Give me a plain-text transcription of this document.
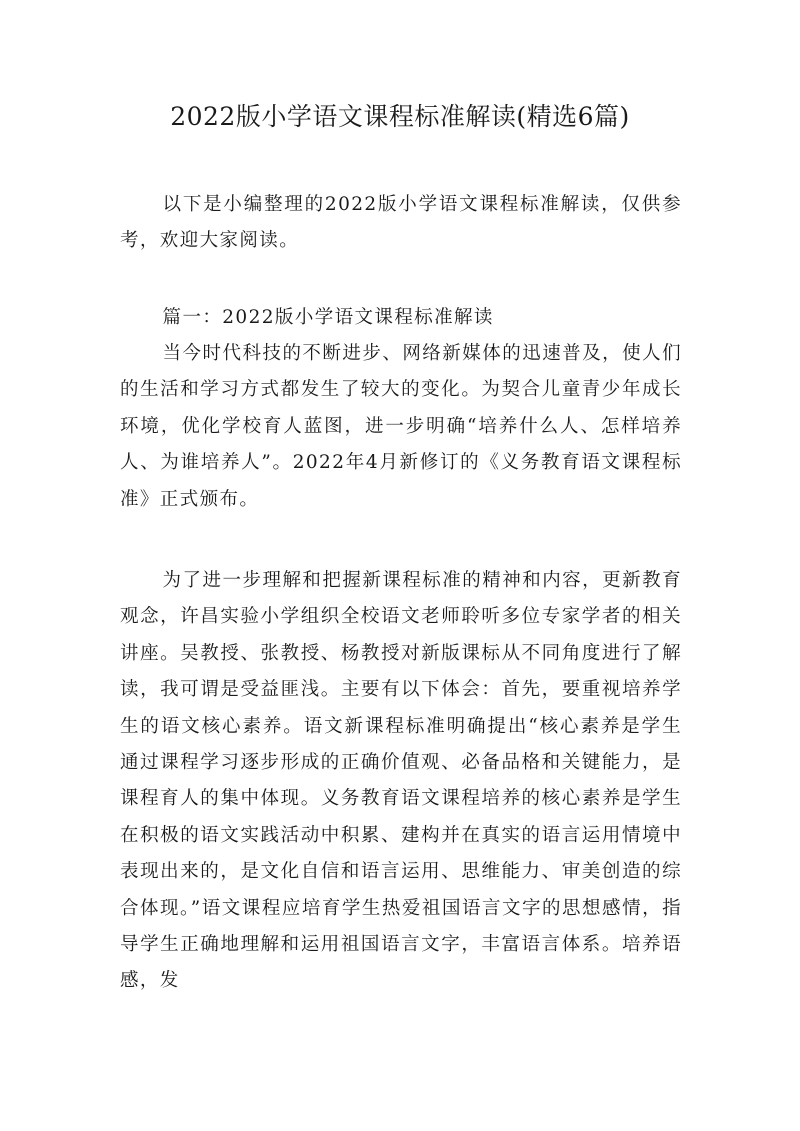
2022版小学语文课程标准解读(精选6篇)

以下是小编整理的2022版小学语文课程标准解读，仅供参考，欢迎大家阅读。

篇一：2022版小学语文课程标准解读

当今时代科技的不断进步、网络新媒体的迅速普及，使人们的生活和学习方式都发生了较大的变化。为契合儿童青少年成长环境，优化学校育人蓝图，进一步明确“培养什么人、怎样培养人、为谁培养人”。2022年4月新修订的《义务教育语文课程标准》正式颁布。

为了进一步理解和把握新课程标准的精神和内容，更新教育观念，许昌实验小学组织全校语文老师聆听多位专家学者的相关讲座。吴教授、张教授、杨教授对新版课标从不同角度进行了解读，我可谓是受益匪浅。主要有以下体会：首先，要重视培养学生的语文核心素养。语文新课程标准明确提出“核心素养是学生通过课程学习逐步形成的正确价值观、必备品格和关键能力，是课程育人的集中体现。义务教育语文课程培养的核心素养是学生在积极的语文实践活动中积累、建构并在真实的语言运用情境中表现出来的，是文化自信和语言运用、思维能力、审美创造的综合体现。”语文课程应培育学生热爱祖国语言文字的思想感情，指导学生正确地理解和运用祖国语言文字，丰富语言体系。培养语感，发
